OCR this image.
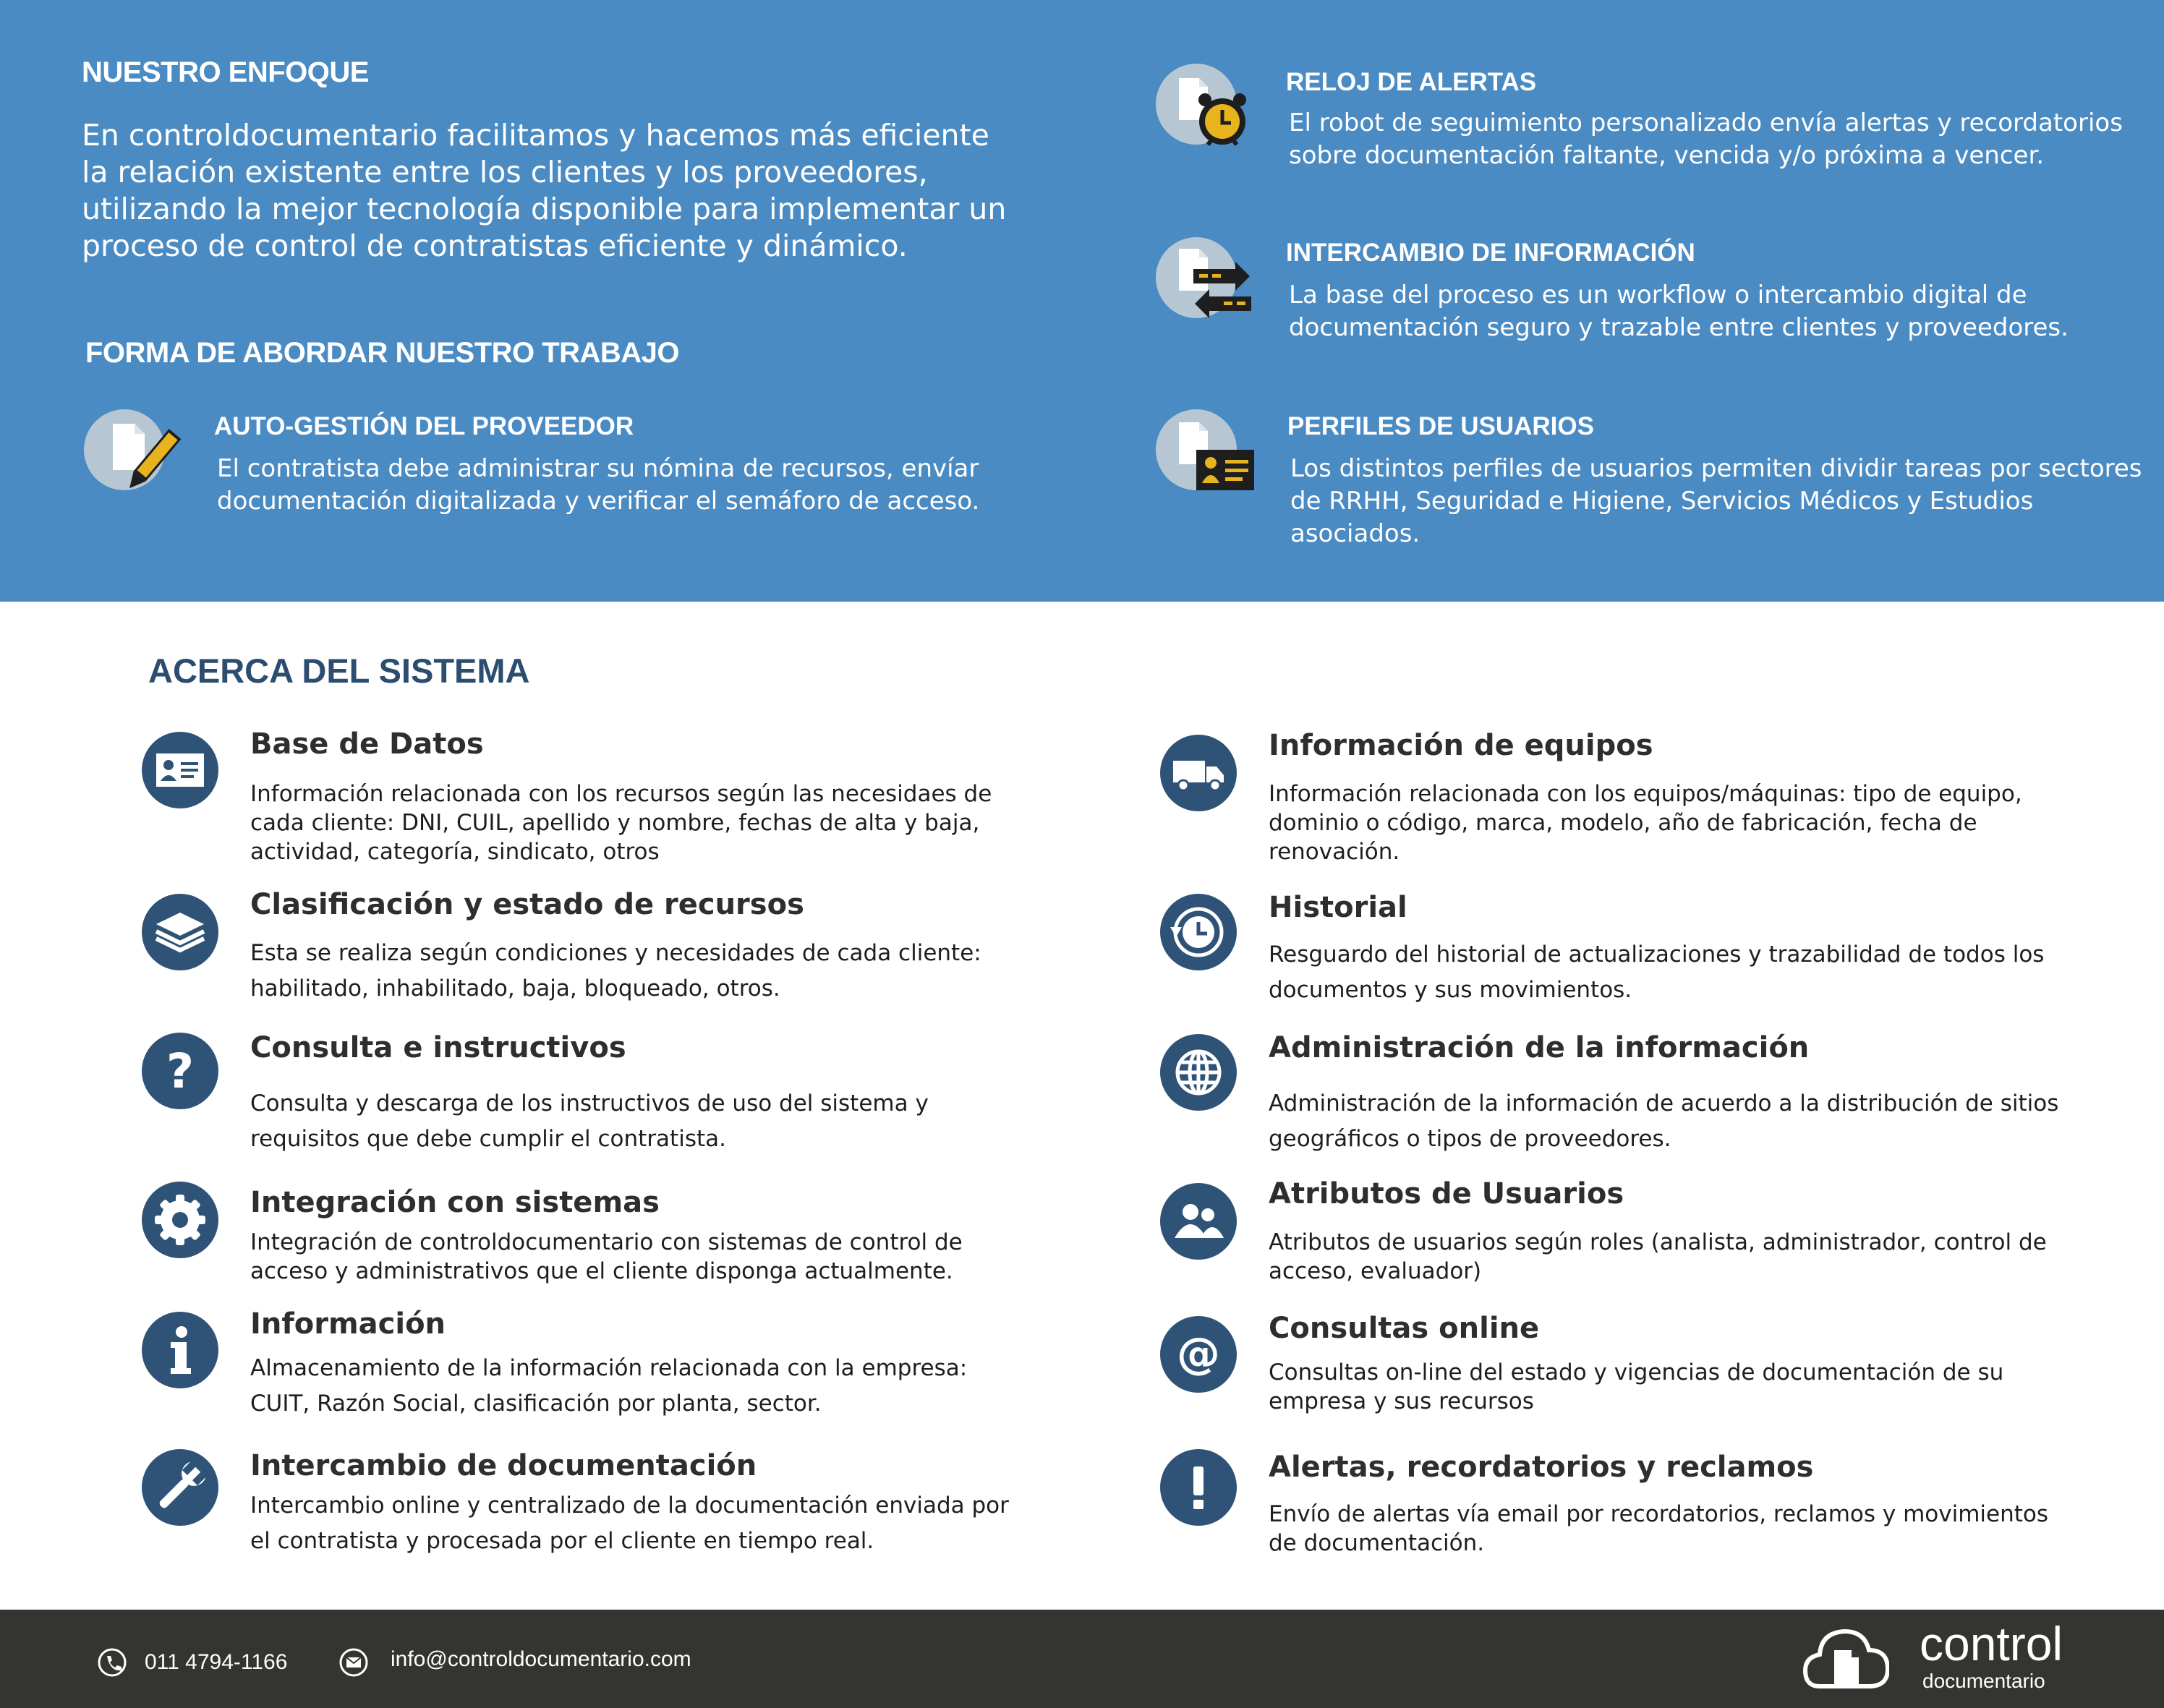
NUESTRO ENFOQUE
En controldocumentario facilitamos y hacemos más eficiente la relación existente entre los clientes y los proveedores, utilizando la mejor tecnología disponible para implementar un proceso de control de contratistas eficiente y dinámico.
FORMA DE ABORDAR NUESTRO TRABAJO
AUTO-GESTIÓN DEL PROVEEDOR
El contratista debe administrar su nómina de recursos, envíar documentación digitalizada y verificar el semáforo de acceso.
RELOJ DE ALERTAS
El robot de seguimiento personalizado envía alertas y recordatorios sobre documentación faltante, vencida y/o próxima a vencer.
INTERCAMBIO DE INFORMACIÓN
La base del proceso es un workflow o intercambio digital de documentación seguro y trazable entre clientes y proveedores.
PERFILES DE USUARIOS
Los distintos perfiles de usuarios permiten dividir tareas por sectores de RRHH, Seguridad e Higiene, Servicios Médicos y Estudios asociados.
ACERCA DEL SISTEMA
Base de Datos
Información relacionada con los recursos según las necesidaes de cada cliente: DNI, CUIL, apellido y nombre, fechas de alta y baja, actividad, categoría, sindicato, otros
Clasificación y estado de recursos
Esta se realiza según condiciones y necesidades de cada cliente: habilitado, inhabilitado, baja, bloqueado, otros.
? Consulta e instructivos
Consulta y descarga de los instructivos de uso del sistema y requisitos que debe cumplir el contratista.
Integración con sistemas
Integración de controldocumentario con sistemas de control de acceso y administrativos que el cliente disponga actualmente.
Información
Almacenamiento de la información relacionada con la empresa: CUIT, Razón Social, clasificación por planta, sector.
Intercambio de documentación
Intercambio online y centralizado de la documentación enviada por el contratista y procesada por el cliente en tiempo real.
Información de equipos
Información relacionada con los equipos/máquinas: tipo de equipo, dominio o código, marca, modelo, año de fabricación, fecha de renovación.
Historial
Resguardo del historial de actualizaciones y trazabilidad de todos los documentos y sus movimientos.
Administración de la información
Administración de la información de acuerdo a la distribución de sitios geográficos o tipos de proveedores.
Atributos de Usuarios
Atributos de usuarios según roles (analista, administrador, control de acceso, evaluador)
@ Consultas online
Consultas on-line del estado y vigencias de documentación de su empresa y sus recursos
Alertas, recordatorios y reclamos
Envío de alertas vía email por recordatorios, reclamos y movimientos de documentación.
011 4794-1166	info@controldocumentario.com	control
documentario
